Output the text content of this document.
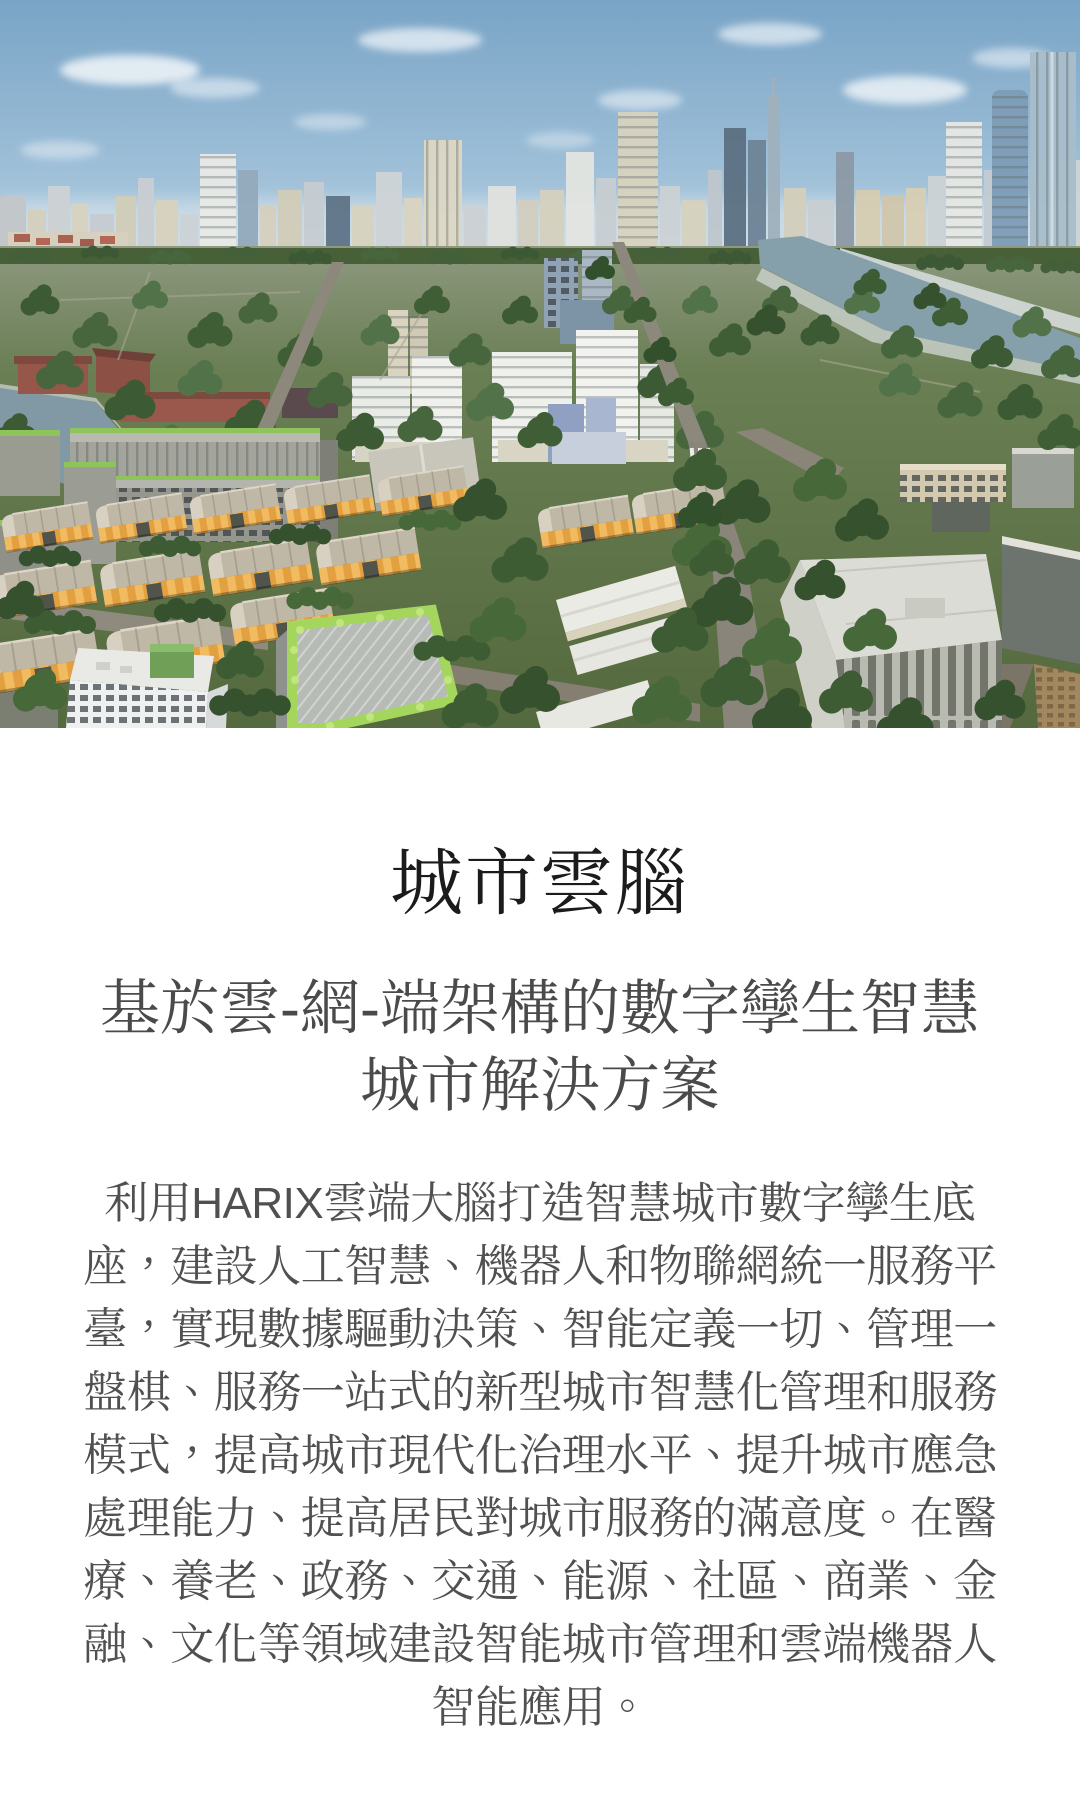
城市雲腦
基於雲-網-端架構的數字孿生智慧
城市解決方案

利用HARIX雲端大腦打造智慧城市數字孿生底座，建設人工智慧、機器人和物聯網統一服務平臺，實現數據驅動決策、智能定義一切、管理一盤棋、服務一站式的新型城市智慧化管理和服務模式，提高城市現代化治理水平、提升城市應急處理能力、提高居民對城市服務的滿意度。在醫療、養老、政務、交通、能源、社區、商業、金融、文化等領域建設智能城市管理和雲端機器人智能應用。
